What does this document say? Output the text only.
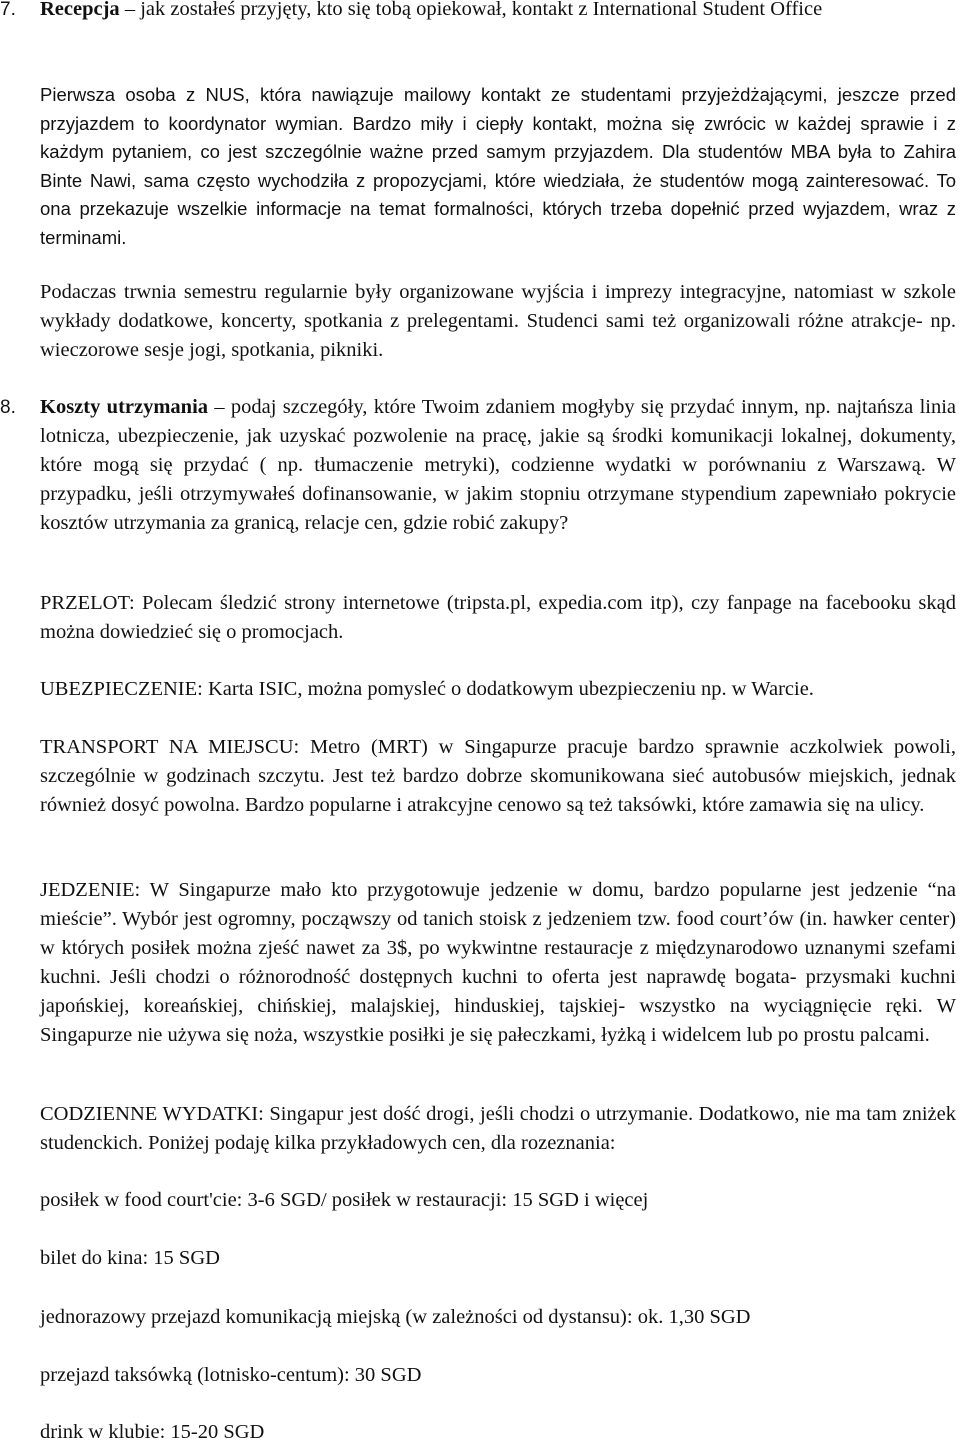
7. Recepcja – jak zostałeś przyjęty, kto się tobą opiekował, kontakt z International Student Office

Pierwsza osoba z NUS, która nawiązuje mailowy kontakt ze studentami przyjeżdżającymi, jeszcze przed przyjazdem to koordynator wymian. Bardzo miły i ciepły kontakt, można się zwrócic w każdej sprawie i z każdym pytaniem, co jest szczególnie ważne przed samym przyjazdem. Dla studentów MBA była to Zahira Binte Nawi, sama często wychodziła z propozycjami, które wiedziała, że studentów mogą zainteresować. To ona przekazuje wszelkie informacje na temat formalności, których trzeba dopełnić przed wyjazdem, wraz z terminami.

Podaczas trwnia semestru regularnie były organizowane wyjścia i imprezy integracyjne, natomiast w szkole wykłady dodatkowe, koncerty, spotkania z prelegentami. Studenci sami też organizowali różne atrakcje- np. wieczorowe sesje jogi, spotkania, pikniki.

8. Koszty utrzymania – podaj szczegóły, które Twoim zdaniem mogłyby się przydać innym, np. najtańsza linia lotnicza, ubezpieczenie, jak uzyskać pozwolenie na pracę, jakie są środki komunikacji lokalnej, dokumenty, które mogą się przydać ( np. tłumaczenie metryki), codzienne wydatki w porównaniu z Warszawą. W przypadku, jeśli otrzymywałeś dofinansowanie, w jakim stopniu otrzymane stypendium zapewniało pokrycie kosztów utrzymania za granicą, relacje cen, gdzie robić zakupy?

PRZELOT: Polecam śledzić strony internetowe (tripsta.pl, expedia.com itp), czy fanpage na facebooku skąd można dowiedzieć się o promocjach.

UBEZPIECZENIE: Karta ISIC, można pomysleć o dodatkowym ubezpieczeniu np. w Warcie.

TRANSPORT NA MIEJSCU: Metro (MRT) w Singapurze pracuje bardzo sprawnie aczkolwiek powoli, szczególnie w godzinach szczytu. Jest też bardzo dobrze skomunikowana sieć autobusów miejskich, jednak również dosyć powolna. Bardzo popularne i atrakcyjne cenowo są też taksówki, które zamawia się na ulicy.

JEDZENIE: W Singapurze mało kto przygotowuje jedzenie w domu, bardzo popularne jest jedzenie “na mieście”. Wybór jest ogromny, począwszy od tanich stoisk z jedzeniem tzw. food court’ów (in. hawker center) w których posiłek można zjeść nawet za 3$, po wykwintne restauracje z międzynarodowo uznanymi szefami kuchni. Jeśli chodzi o różnorodność dostępnych kuchni to oferta jest naprawdę bogata- przysmaki kuchni japońskiej, koreańskiej, chińskiej, malajskiej, hinduskiej, tajskiej- wszystko na wyciągnięcie ręki. W Singapurze nie używa się noża, wszystkie posiłki je się pałeczkami, łyżką i widelcem lub po prostu palcami.

CODZIENNE WYDATKI: Singapur jest dość drogi, jeśli chodzi o utrzymanie. Dodatkowo, nie ma tam zniżek studenckich. Poniżej podaję kilka przykładowych cen, dla rozeznania:

posiłek w food court'cie: 3-6 SGD/ posiłek w restauracji: 15 SGD i więcej

bilet do kina: 15 SGD

jednorazowy przejazd komunikacją miejską (w zależności od dystansu): ok. 1,30 SGD

przejazd taksówką (lotnisko-centum): 30 SGD

drink w klubie: 15-20 SGD
